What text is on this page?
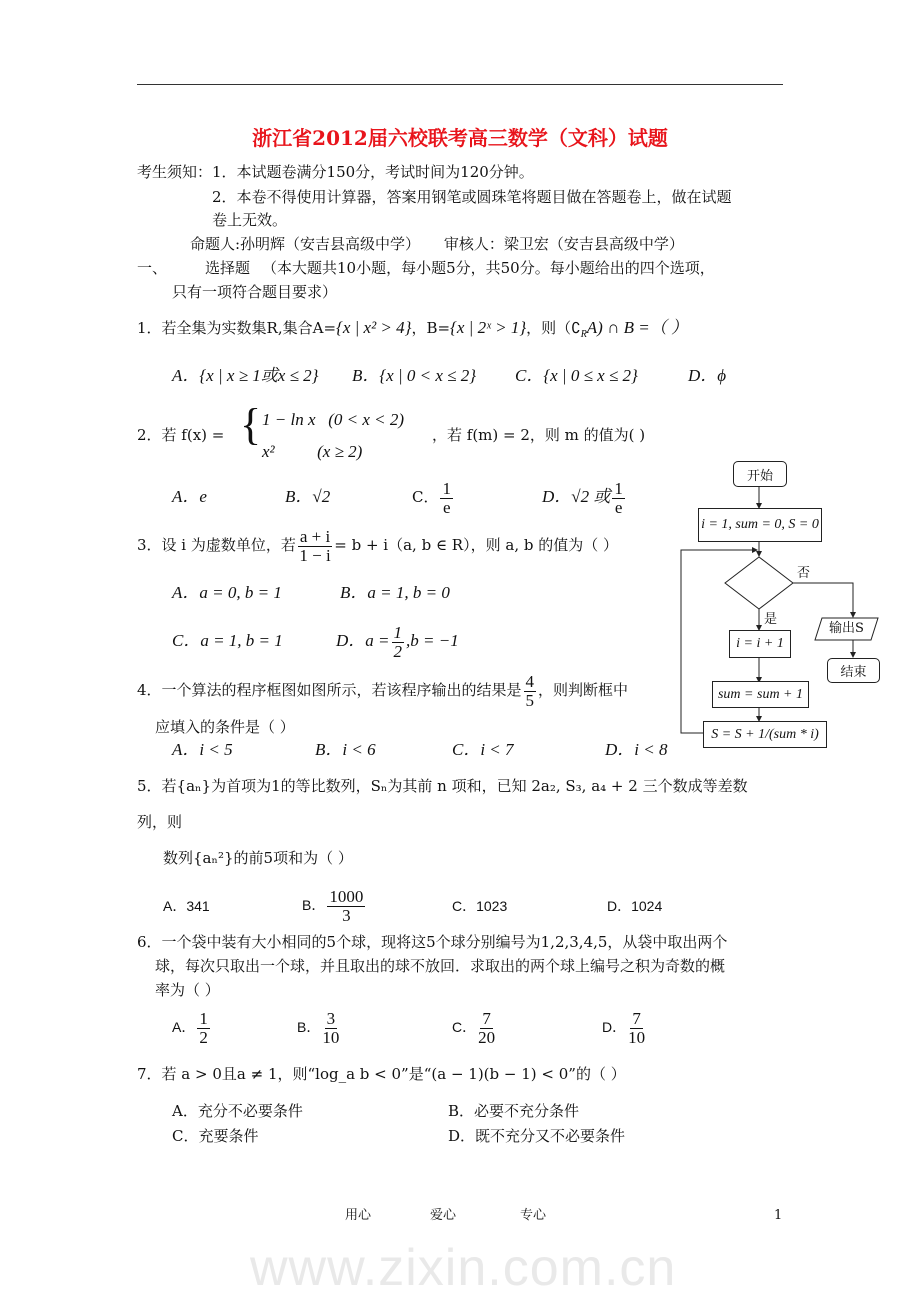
www.zixin.com.cn
浙江省2012届六校联考高三数学（文科）试题
考生须知： 1．本试题卷满分150分，考试时间为120分钟。
2．本卷不得使用计算器，答案用钢笔或圆珠笔将题目做在答题卷上，做在试题
卷上无效。
命题人:孙明辉（安吉县高级中学）     审核人：梁卫宏（安吉县高级中学）
一、	选择题 （本大题共10小题，每小题5分，共50分。每小题给出的四个选项，
只有一项符合题目要求）
1．若全集为实数集R,集合A={x | x² > 4}，B={x | 2ˣ > 1}，则$(∁_RA)$ ∩ B =（ ）
A．{x | x ≥ 1或x ≤ 2} B．{x | 0 < x ≤ 2} C．{x | 0 ≤ x ≤ 2}	D．ϕ
2．若 f(x) = { 1 − ln x   (0 < x < 2)
x²          (x ≥ 2)
，若 f(m) = 2，则 m 的值为( )
A．e	B．√2	C． $\frac{1}{e}$	D．√2 或 $\frac{1}{e}$
3．设 i 为虚数单位，若 $\frac{a + i}{1 - i} = b + i(a$, b ∈ R），则 a, b 的值为（ ）
A．a = 0, b = 1	B．a = 1, b = 0
C．a = 1, b = 1	D．$a = \frac{1}{2} ,b = -1$
4．一个算法的程序框图如图所示，若该程序输出的结果是 $\frac{4}{5}$ ，则判断框中
应填入的条件是（ ）
A．i < 5	B．i < 6	C．i < 7	D．i < 8
开始
i = 1, sum = 0, S = 0
否
是
i = i + 1
sum = sum + 1
S = S + 1/(sum * i)
输出S
结束
5．若{aₙ}为首项为1的等比数列，Sₙ为其前 n 项和，已知 2a₂, S₃, a₄ + 2 三个数成等差数
列，则
数列{aₙ²}的前5项和为（ ）
A．341	B． $\frac{1000}{3}$	C．1023	D．1024
6．一个袋中装有大小相同的5个球，现将这5个球分别编号为1,2,3,4,5，从袋中取出两个
球，每次只取出一个球，并且取出的球不放回．求取出的两个球上编号之积为奇数的概
率为（ ）
A． $\frac{1}{2}$	B． $\frac{3}{10}$	C． $\frac{7}{20}$	D． $\frac{7}{10}$
7．若 a > 0且a ≠ 1，则“log_a b < 0”是“(a − 1)(b − 1) < 0”的（ ）
A．充分不必要条件	B．必要不充分条件
C．充要条件	D．既不充分又不必要条件
用心	爱心	专心	1
